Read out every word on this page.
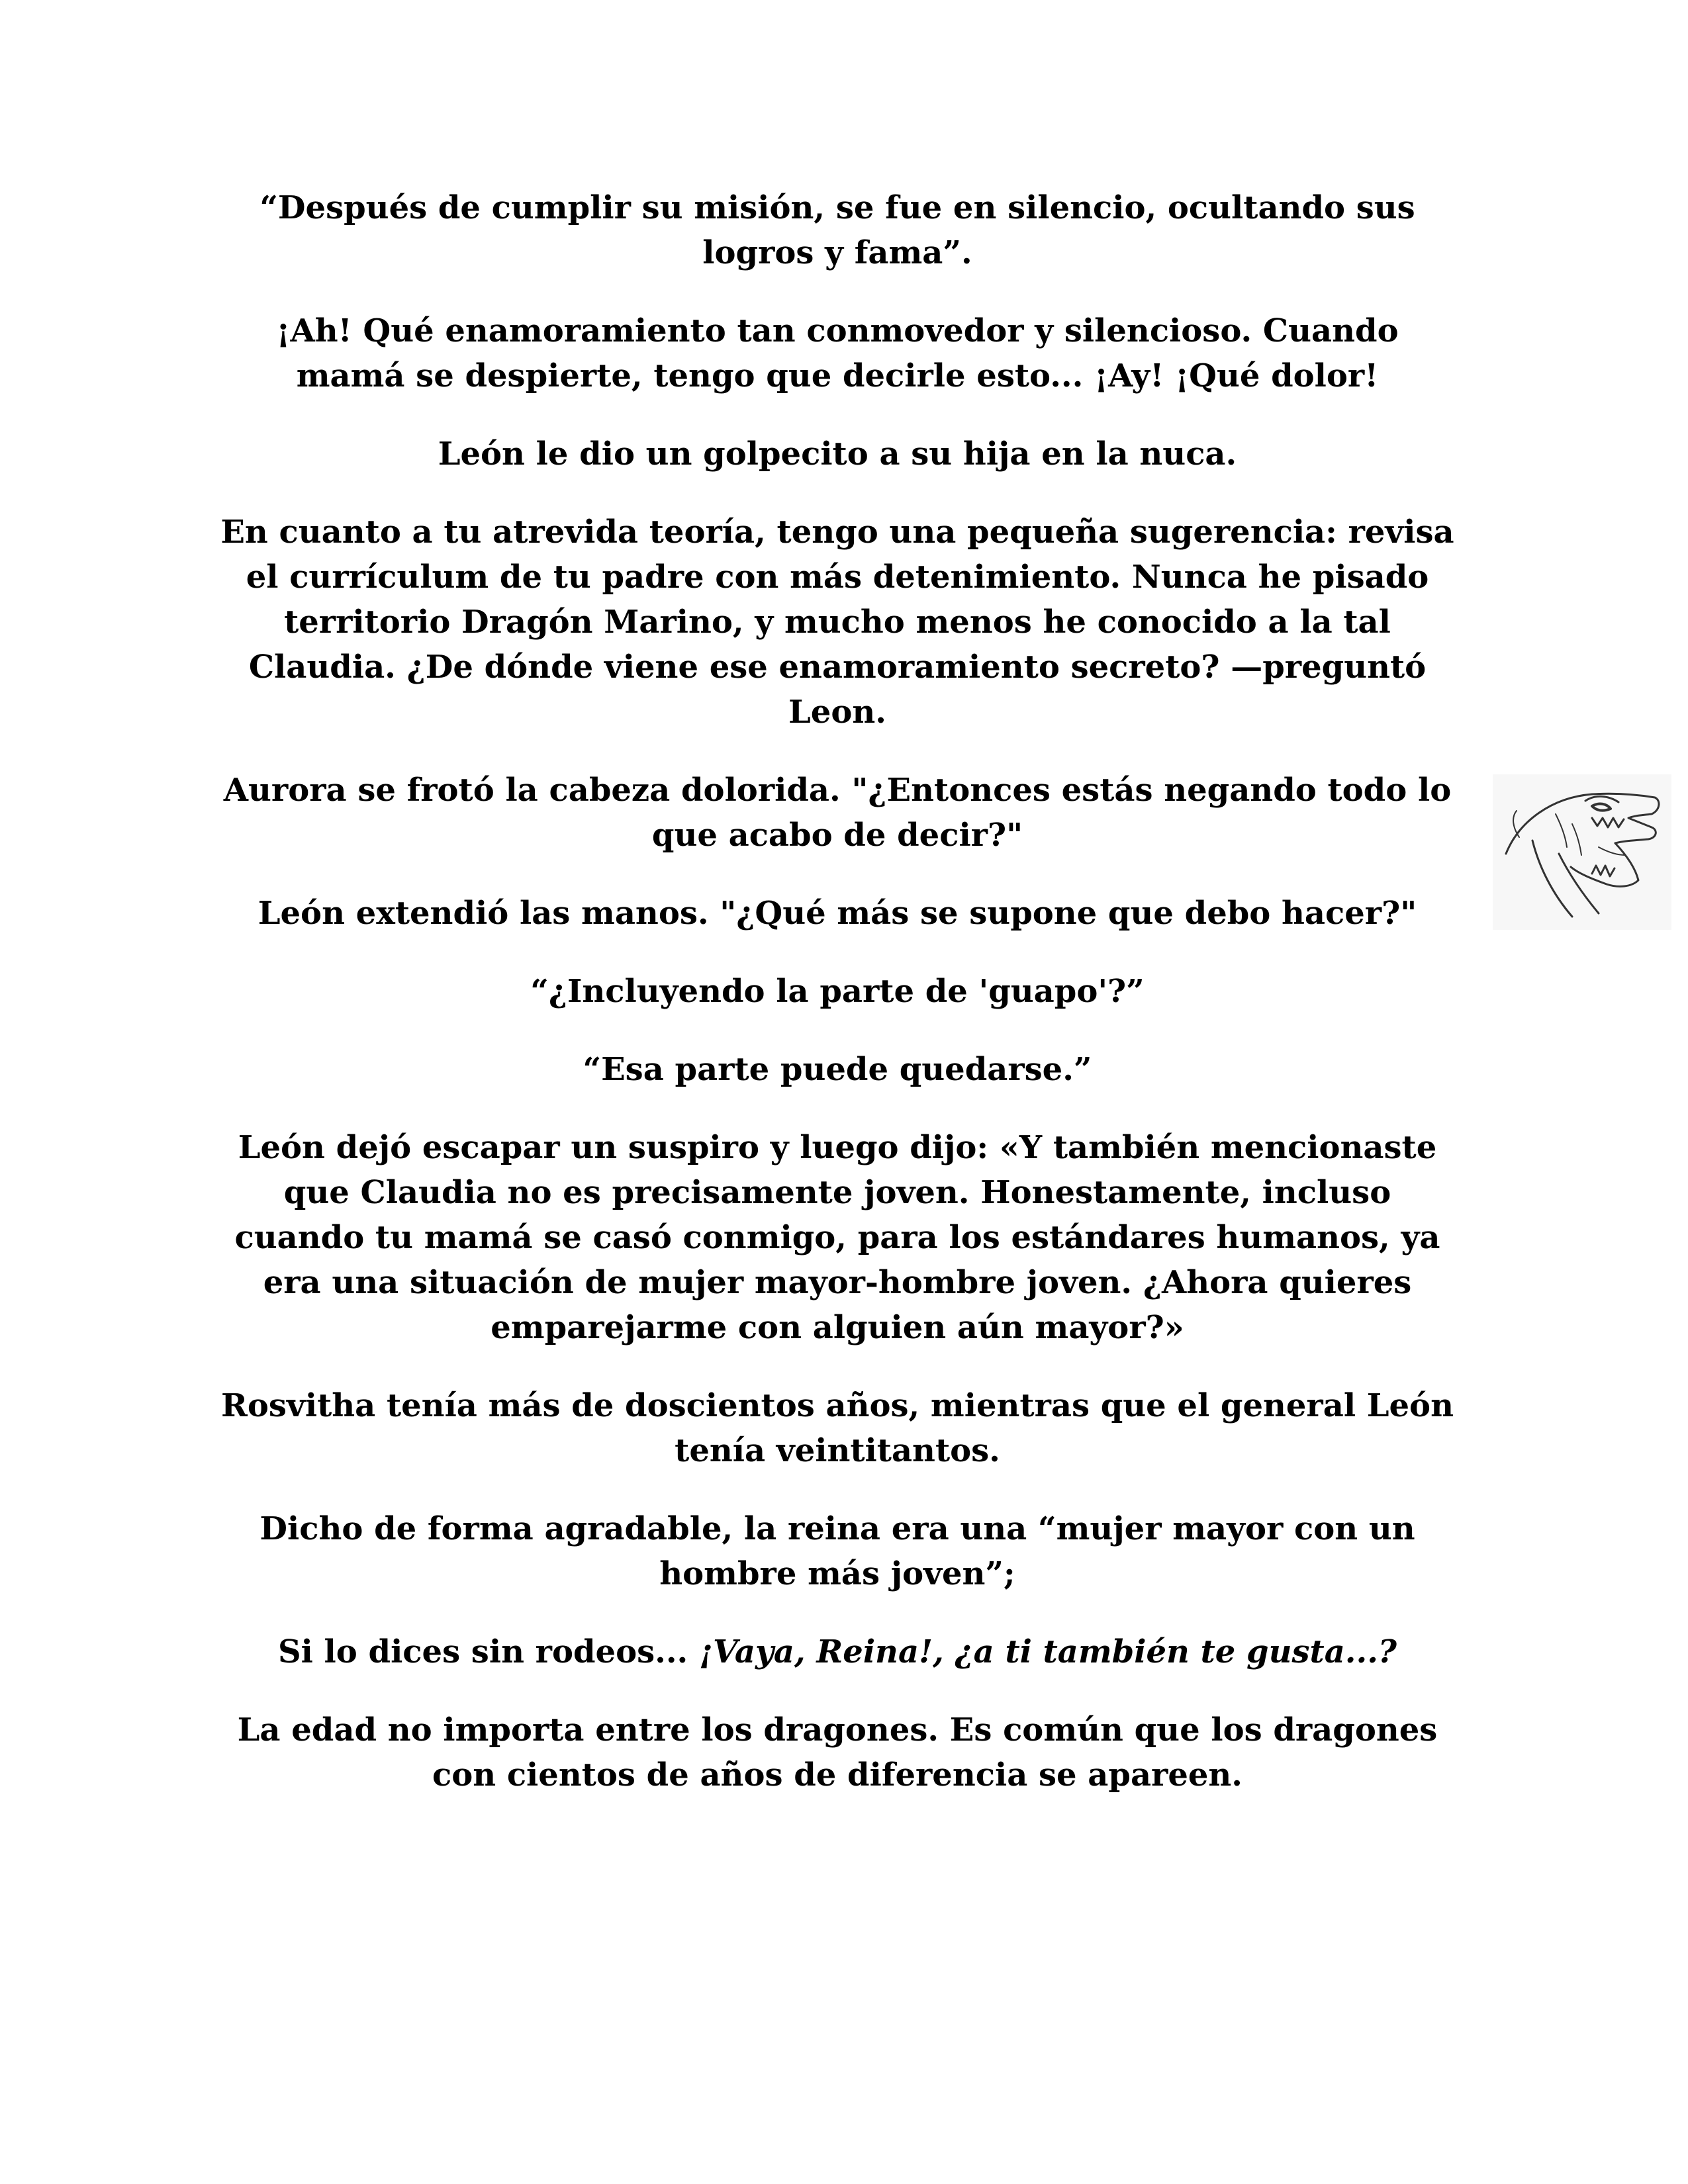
“Después de cumplir su misión, se fue en silencio, ocultando sus logros y fama”.

¡Ah! Qué enamoramiento tan conmovedor y silencioso. Cuando mamá se despierte, tengo que decirle esto... ¡Ay! ¡Qué dolor!

León le dio un golpecito a su hija en la nuca.

En cuanto a tu atrevida teoría, tengo una pequeña sugerencia: revisa el currículum de tu padre con más detenimiento. Nunca he pisado territorio Dragón Marino, y mucho menos he conocido a la tal Claudia. ¿De dónde viene ese enamoramiento secreto? —preguntó Leon.

Aurora se frotó la cabeza dolorida. "¿Entonces estás negando todo lo que acabo de decir?"

León extendió las manos. "¿Qué más se supone que debo hacer?"

“¿Incluyendo la parte de 'guapo'?”

“Esa parte puede quedarse.”

León dejó escapar un suspiro y luego dijo: «Y también mencionaste que Claudia no es precisamente joven. Honestamente, incluso cuando tu mamá se casó conmigo, para los estándares humanos, ya era una situación de mujer mayor-hombre joven. ¿Ahora quieres emparejarme con alguien aún mayor?»

Rosvitha tenía más de doscientos años, mientras que el general León tenía veintitantos.

Dicho de forma agradable, la reina era una “mujer mayor con un hombre más joven”;

Si lo dices sin rodeos... ¡Vaya, Reina!, ¿a ti también te gusta...?

La edad no importa entre los dragones. Es común que los dragones con cientos de años de diferencia se apareen.
